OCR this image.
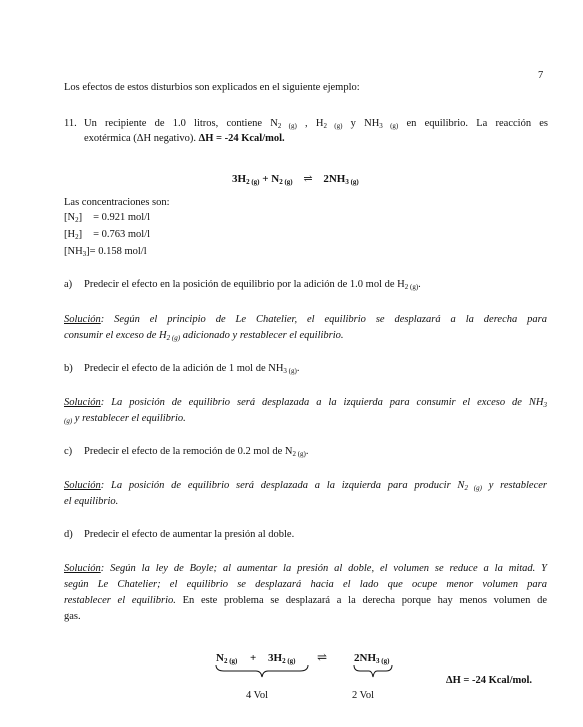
7
Los efectos de estos disturbios son explicados en el siguiente ejemplo:
11. Un recipiente de 1.0 litros, contiene $N_{2 (g)}$ , $H_{2 (g)}$ y $NH_{3 (g)}$ en equilibrio. La reacción es
exotérmica (ΔH negativo). ΔH = -24 Kcal/mol.
$3H_{2 (g)} + N_{2 (g)}$ ⇌ $2NH_{3 (g)}$
Las concentraciones son:
$[N_2] = 0.921$ mol/l
$[H_2] = 0.763$ mol/l
$[NH_3]= 0.158$ mol/l
a) Predecir el efecto en la posición de equilibrio por la adición de 1.0 mol de $H_{2 (g)}$.
Solución: Según el principio de Le Chatelier, el equilibrio se desplazará a la derecha para
consumir el exceso de $H_{2 (g)}$ adicionado y restablecer el equilibrio.
b) Predecir el efecto de la adición de 1 mol de $NH_{3 (g)}$.
Solución: La posición de equilibrio será desplazada a la izquierda para consumir el exceso de $NH_3$
$_{(g)}$ y restablecer el equilibrio.
c) Predecir el efecto de la remoción de 0.2 mol de $N_{2 (g)}$.
Solución: La posición de equilibrio será desplazada a la izquierda para producir $N_{2 (g)}$ y restablecer
el equilibrio.
d) Predecir el efecto de aumentar la presión al doble.
Solución: Según la ley de Boyle; al aumentar la presión al doble, el volumen se reduce a la mitad. Y
según Le Chatelier; el equilibrio se desplazará hacia el lado que ocupe menor volumen para
restablecer el equilibrio. En este problema se desplazará a la derecha porque hay menos volumen de
gas.
$N_{2 (g)} + 3H_{2 (g)}$ ⇌ $2NH_{3 (g)}$
4 Vol	2 Vol
ΔH = -24 Kcal/mol.
